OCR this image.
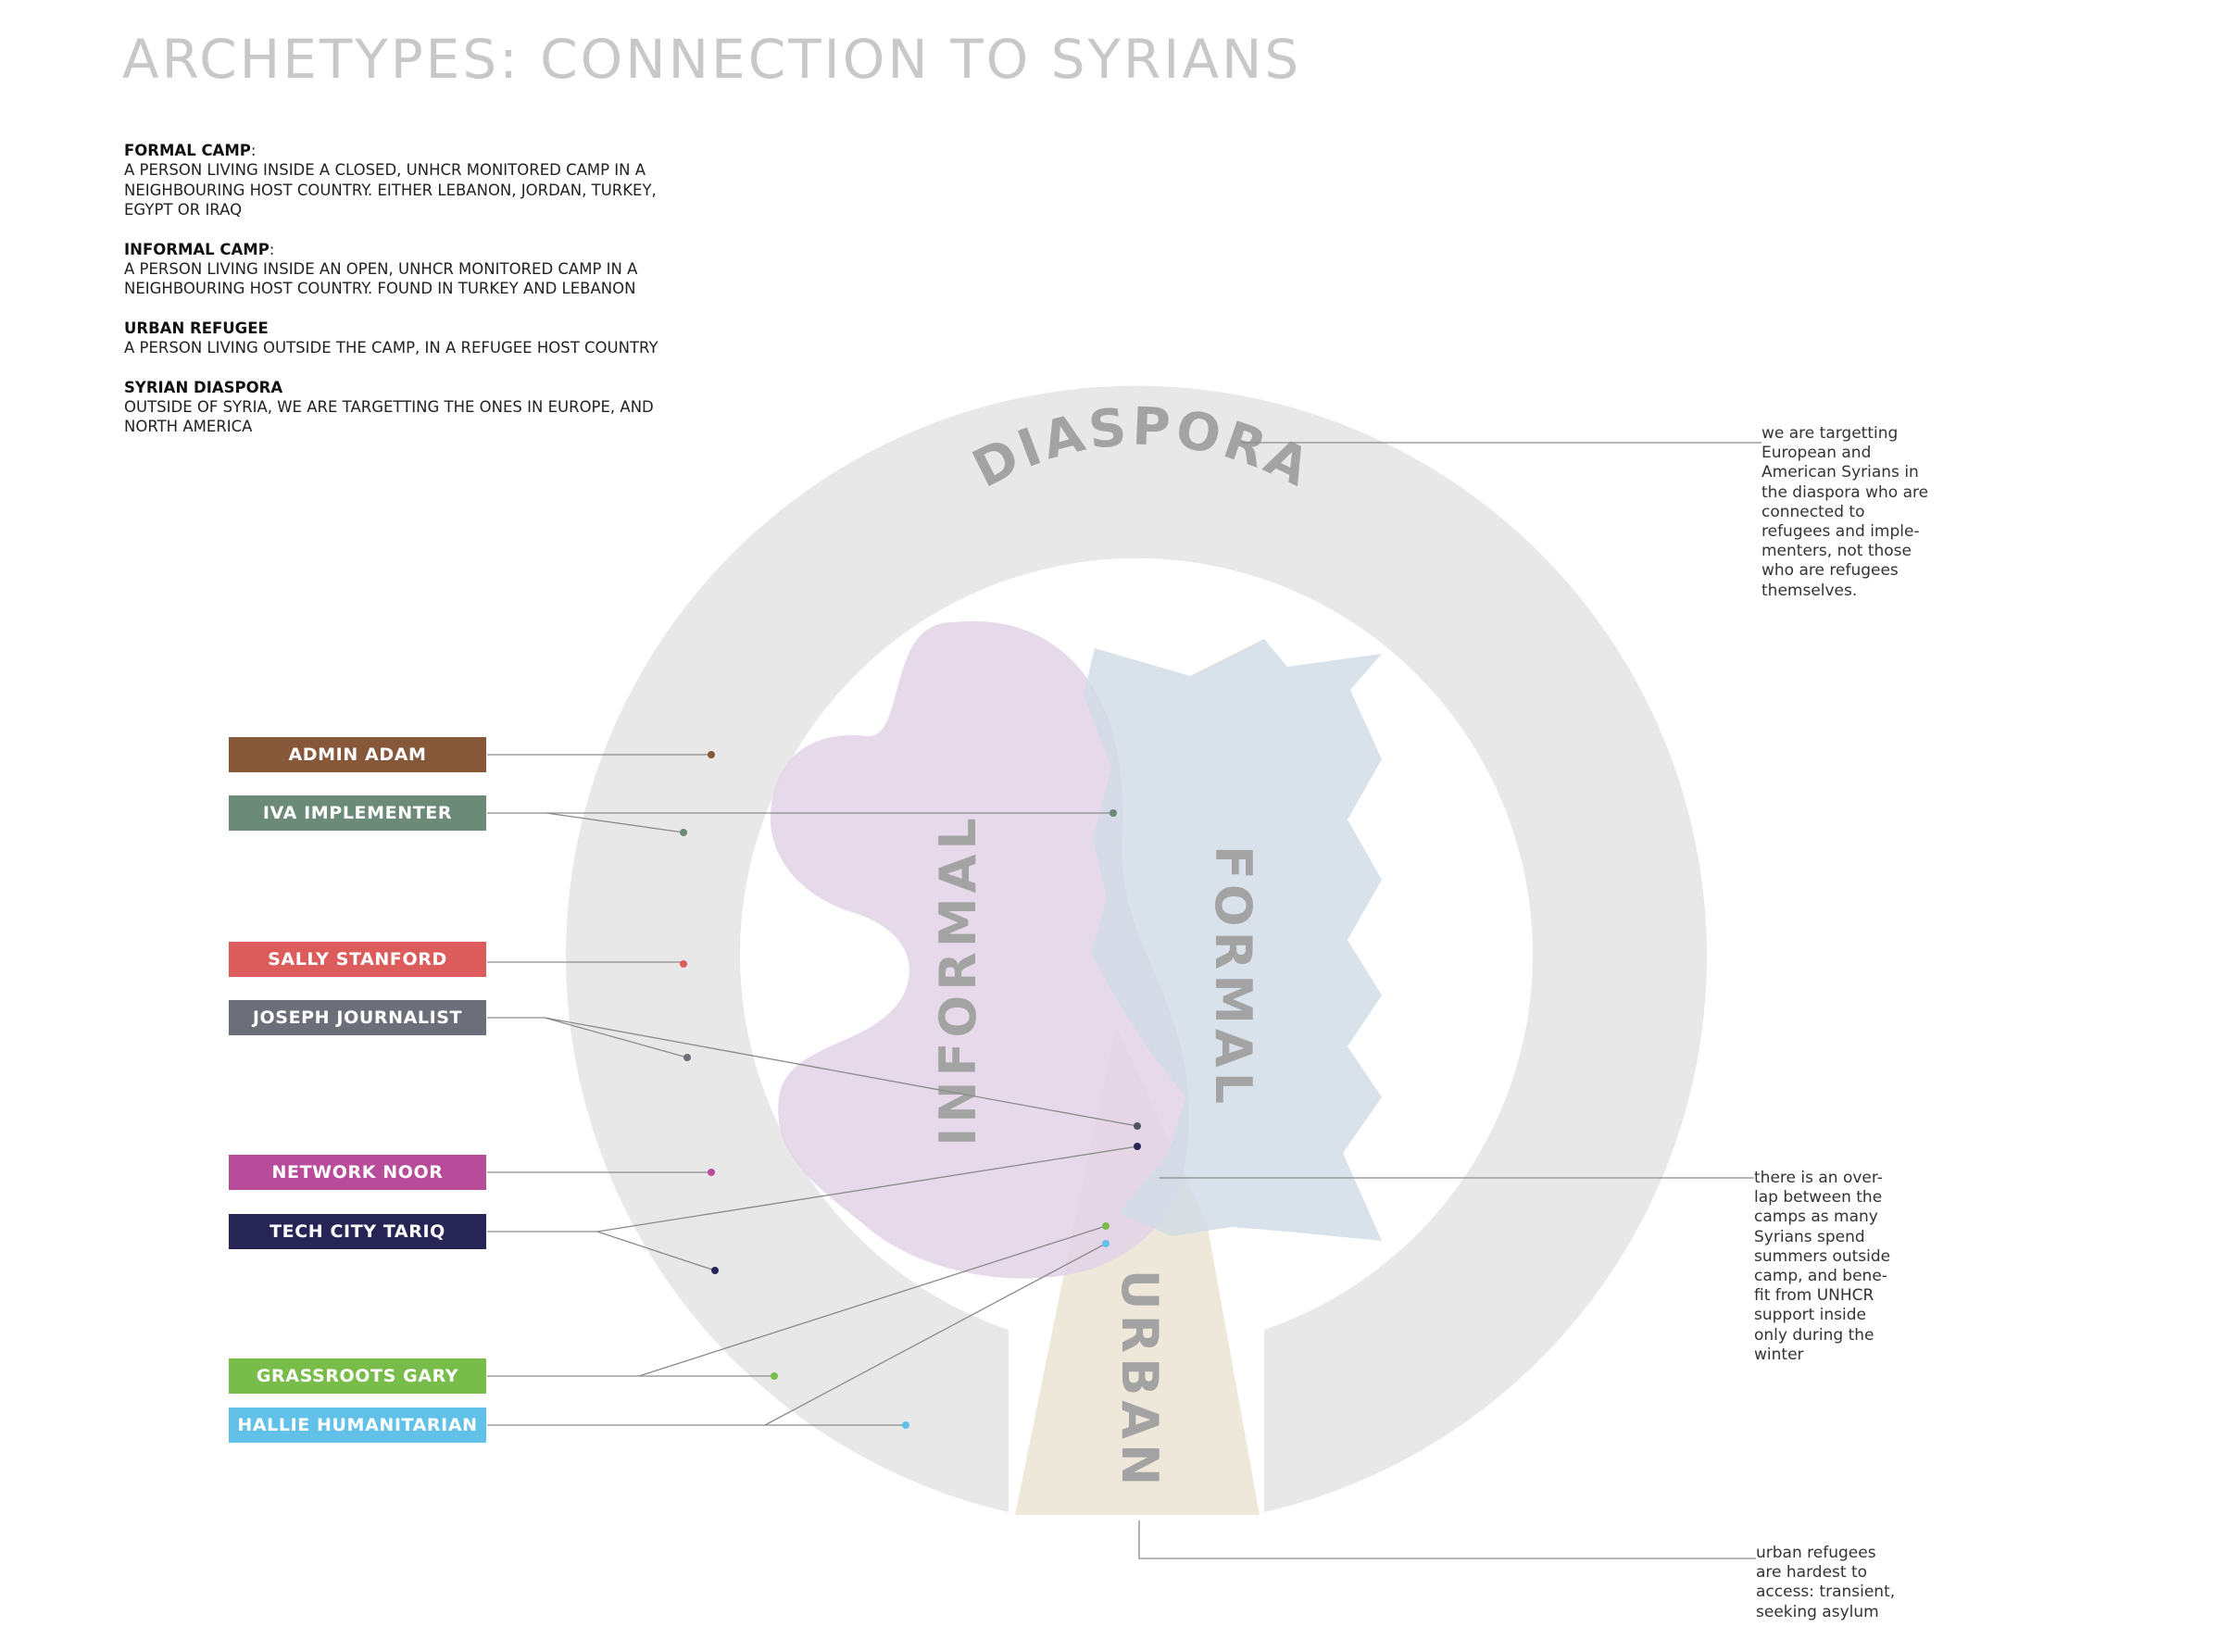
ARCHETYPES: CONNECTION TO SYRIANS
FORMAL CAMP:
A PERSON LIVING INSIDE A CLOSED, UNHCR MONITORED CAMP IN A
NEIGHBOURING HOST COUNTRY. EITHER LEBANON, JORDAN, TURKEY,
EGYPT OR IRAQ
INFORMAL CAMP:
A PERSON LIVING INSIDE AN OPEN, UNHCR MONITORED CAMP IN A
NEIGHBOURING HOST COUNTRY. FOUND IN TURKEY AND LEBANON
URBAN REFUGEE
A PERSON LIVING OUTSIDE THE CAMP, IN A REFUGEE HOST COUNTRY
SYRIAN DIASPORA
OUTSIDE OF SYRIA, WE ARE TARGETTING THE ONES IN EUROPE, AND
NORTH AMERICA	DIASPORA
INFORMAL	FORMAL
URBAN
ADMIN ADAM
IVA IMPLEMENTER
SALLY STANFORD
JOSEPH JOURNALIST
NETWORK NOOR
TECH CITY TARIQ
GRASSROOTS GARY
HALLIE HUMANITARIAN
we are targetting
European and
American Syrians in
the diaspora who are
connected to
refugees and imple-
menters, not those
who are refugees
themselves.
there is an over-
lap between the
camps as many
Syrians spend
summers outside
camp, and bene-
fit from UNHCR
support inside
only during the
winter
urban refugees
are hardest to
access: transient,
seeking asylum
